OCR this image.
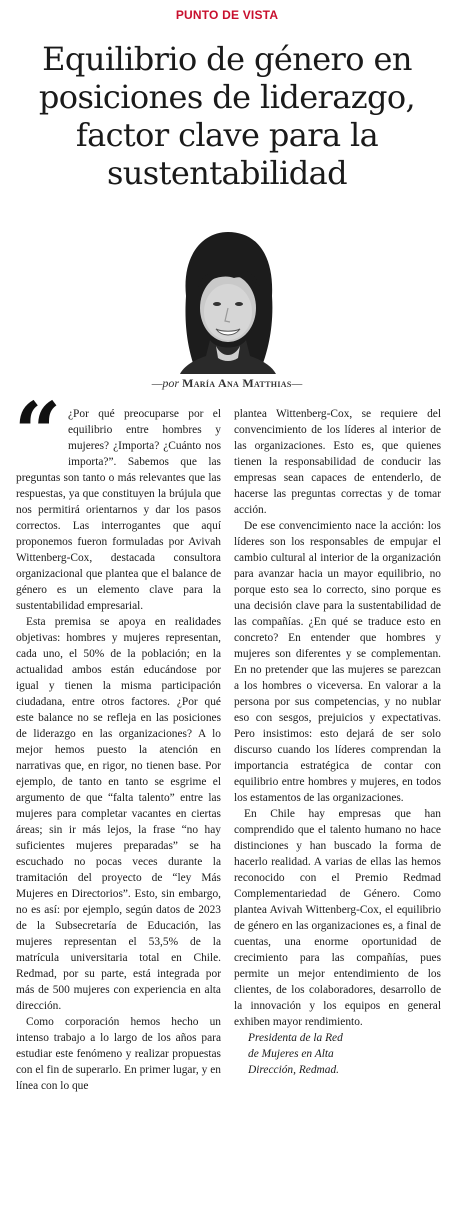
PUNTO DE VISTA
Equilibrio de género en posiciones de liderazgo, factor clave para la sustentabilidad
—por María Ana Matthias—
“ ¿Por qué preocuparse por el equilibrio entre hombres y mujeres? ¿Importa? ¿Cuánto nos importa?”. Sabemos que las preguntas son tanto o más relevantes que las respuestas, ya que constituyen la brújula que nos permitirá orientarnos y dar los pasos correctos. Las interrogantes que aquí proponemos fueron formuladas por Avivah Wittenberg-Cox, destacada consultora organizacional que plantea que el balance de género es un elemento clave para la sustentabilidad empresarial.

Esta premisa se apoya en realidades objetivas: hombres y mujeres representan, cada uno, el 50% de la población; en la actualidad ambos están educándose por igual y tienen la misma participación ciudadana, entre otros factores. ¿Por qué este balance no se refleja en las posiciones de liderazgo en las organizaciones? A lo mejor hemos puesto la atención en narrativas que, en rigor, no tienen base. Por ejemplo, de tanto en tanto se esgrime el argumento de que “falta talento” entre las mujeres para completar vacantes en ciertas áreas; sin ir más lejos, la frase “no hay suficientes mujeres preparadas” se ha escuchado no pocas veces durante la tramitación del proyecto de “ley Más Mujeres en Directorios”. Esto, sin embargo, no es así: por ejemplo, según datos de 2023 de la Subsecretaría de Educación, las mujeres representan el 53,5% de la matrícula universitaria total en Chile. Redmad, por su parte, está integrada por más de 500 mujeres con experiencia en alta dirección.

Como corporación hemos hecho un intenso trabajo a lo largo de los años para estudiar este fenómeno y realizar propuestas con el fin de superarlo. En primer lugar, y en línea con lo que

plantea Wittenberg-Cox, se requiere del convencimiento de los líderes al interior de las organizaciones. Esto es, que quienes tienen la responsabilidad de conducir las empresas sean capaces de entenderlo, de hacerse las preguntas correctas y de tomar acción.

De ese convencimiento nace la acción: los líderes son los responsables de empujar el cambio cultural al interior de la organización para avanzar hacia un mayor equilibrio, no porque esto sea lo correcto, sino porque es una decisión clave para la sustentabilidad de las compañías. ¿En qué se traduce esto en concreto? En entender que hombres y mujeres son diferentes y se complementan. En no pretender que las mujeres se parezcan a los hombres o viceversa. En valorar a la persona por sus competencias, y no nublar eso con sesgos, prejuicios y expectativas. Pero insistimos: esto dejará de ser solo discurso cuando los líderes comprendan la importancia estratégica de contar con equilibrio entre hombres y mujeres, en todos los estamentos de las organizaciones.

En Chile hay empresas que han comprendido que el talento humano no hace distinciones y han buscado la forma de hacerlo realidad. A varias de ellas las hemos reconocido con el Premio Redmad Complementariedad de Género. Como plantea Avivah Wittenberg-Cox, el equilibrio de género en las organizaciones es, a final de cuentas, una enorme oportunidad de crecimiento para las compañías, pues permite un mejor entendimiento de los clientes, de los colaboradores, desarrollo de la innovación y los equipos en general exhiben mayor rendimiento.

Presidenta de la Red
de Mujeres en Alta
Dirección, Redmad.
